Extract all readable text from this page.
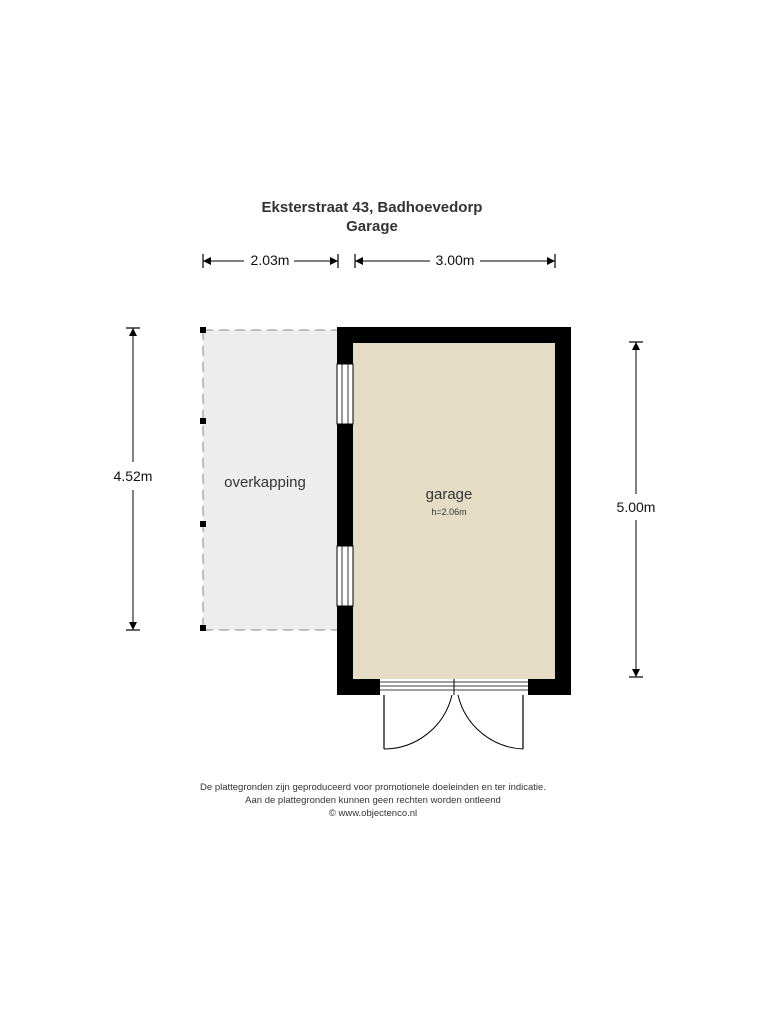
Eksterstraat 43, Badhoevedorp
Garage
2.03m	3.00m
4.52m
5.00m
overkapping
garage
h=2.06m
De plattegronden zijn geproduceerd voor promotionele doeleinden en ter indicatie.
Aan de plattegronden kunnen geen rechten worden ontleend
© www.objectenco.nl
